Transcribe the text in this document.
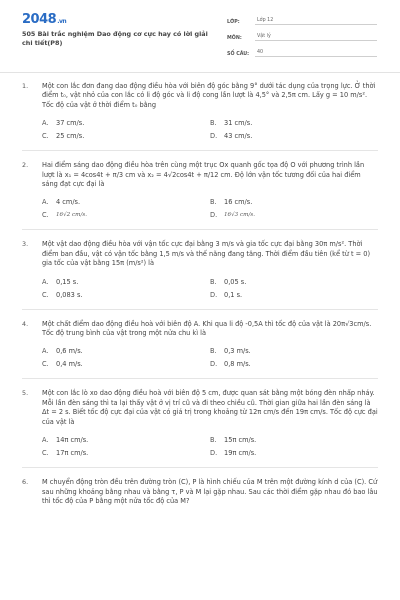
2048.vn
505 Bài trắc nghiệm Dao động cơ cực hay có lời giải chi tiết(P8)
LỚP:	Lớp 12
MÔN:	Vật lý
SỐ CÂU:	40
1. Một con lắc đơn đang dao động điều hòa với biên độ góc bằng 9° dưới tác dụng của trọng lực. Ở thời điểm t₀, vật nhỏ của con lắc có li độ góc và li độ cong lần lượt là 4,5° và 2,5π cm. Lấy g = 10 m/s². Tốc độ của vật ở thời điểm t₀ bằng
A.	37 cm/s.	B.	31 cm/s.
C.	25 cm/s.	D.	43 cm/s.
2. Hai điểm sáng dao động điều hòa trên cùng một trục Ox quanh gốc tọa độ O với phương trình lần lượt là x₁ = 4cos4t + π/3 cm và x₂ = 4√2cos4t + π/12 cm. Độ lớn vận tốc tương đối của hai điểm sáng đạt cực đại là
A.	4 cm/s.	B.	16 cm/s.
C.	16√2 cm/s.	D.	16√3 cm/s.
3. Một vật dao động điều hòa với vận tốc cực đại bằng 3 m/s và gia tốc cực đại bằng 30π m/s². Thời điểm ban đầu, vật có vận tốc bằng 1,5 m/s và thế năng đang tăng. Thời điểm đầu tiên (kể từ t = 0) gia tốc của vật bằng 15π (m/s²) là
A.	0,15 s.	B.	0,05 s.
C.	0,083 s.	D.	0,1 s.
4. Một chất điểm dao động điều hoà với biên độ A. Khi qua li độ -0,5A thì tốc độ của vật là 20π√3cm/s. Tốc độ trung bình của vật trong một nửa chu kì là
A.	0,6 m/s.	B.	0,3 m/s.
C.	0,4 m/s.	D.	0,8 m/s.
5. Một con lắc lò xo dao động điều hoà với biên độ 5 cm, được quan sát bằng một bóng đèn nhấp nháy. Mỗi lần đèn sáng thì ta lại thấy vật ở vị trí cũ và đi theo chiều cũ. Thời gian giữa hai lần đèn sáng là Δt = 2 s. Biết tốc độ cực đại của vật có giá trị trong khoảng từ 12π cm/s đến 19π cm/s. Tốc độ cực đại của vật là
A.	14π cm/s.	B.	15π cm/s.
C.	17π cm/s.	D.	19π cm/s.
6. M chuyển động tròn đều trên đường tròn (C), P là hình chiếu của M trên một đường kính d của (C). Cứ sau những khoảng bằng nhau và bằng τ, P và M lại gặp nhau. Sau các thời điểm gặp nhau đó bao lâu thì tốc độ của P bằng một nửa tốc độ của M?
